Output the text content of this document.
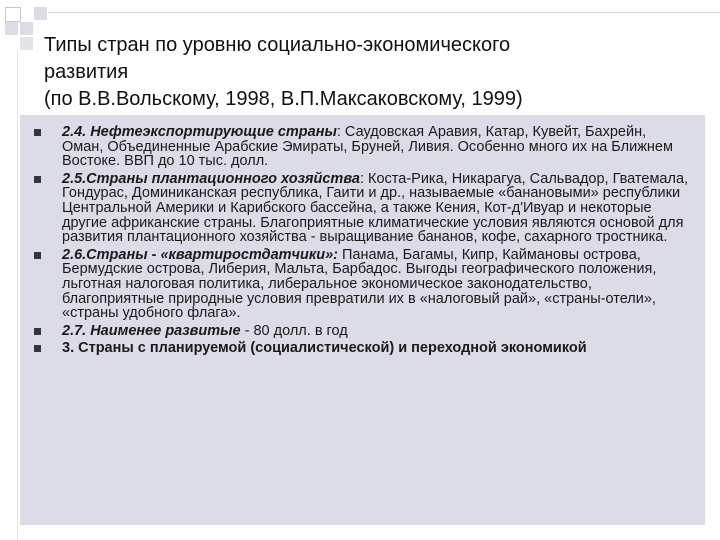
Типы стран по уровню социально-экономического
развития
(по В.В.Вольскому, 1998, В.П.Максаковскому, 1999)
2.4. Нефтеэкспортирующие страны: Саудовская Аравия, Катар, Кувейт, Бахрейн, Оман, Объединенные Арабские Эмираты, Бруней, Ливия. Особенно много их на Ближнем Востоке. ВВП до 10 тыс. долл.
2.5.Страны плантационного хозяйства: Коста-Рика, Никарагуа, Сальвадор, Гватемала, Гондурас, Доминиканская республика, Гаити и др., называемые «банановыми» республики Центральной Америки и Карибского бассейна, а также Кения, Кот-д'Ивуар и некоторые другие африканские страны. Благоприятные климатические условия являются основой для развития плантационного хозяйства - выращивание бананов, кофе, сахарного тростника.
2.6.Страны - «квартиростдатчики»: Панама, Багамы, Кипр, Каймановы острова, Бермудские острова, Либерия, Мальта, Барбадос. Выгоды географического положения, льготная налоговая политика, либеральное экономическое законодательство, благоприятные природные условия превратили их в «налоговый рай», «страны-отели», «страны удобного флага».
2.7. Наименее развитые - 80 долл. в год
3. Страны с планируемой (социалистической) и переходной экономикой
